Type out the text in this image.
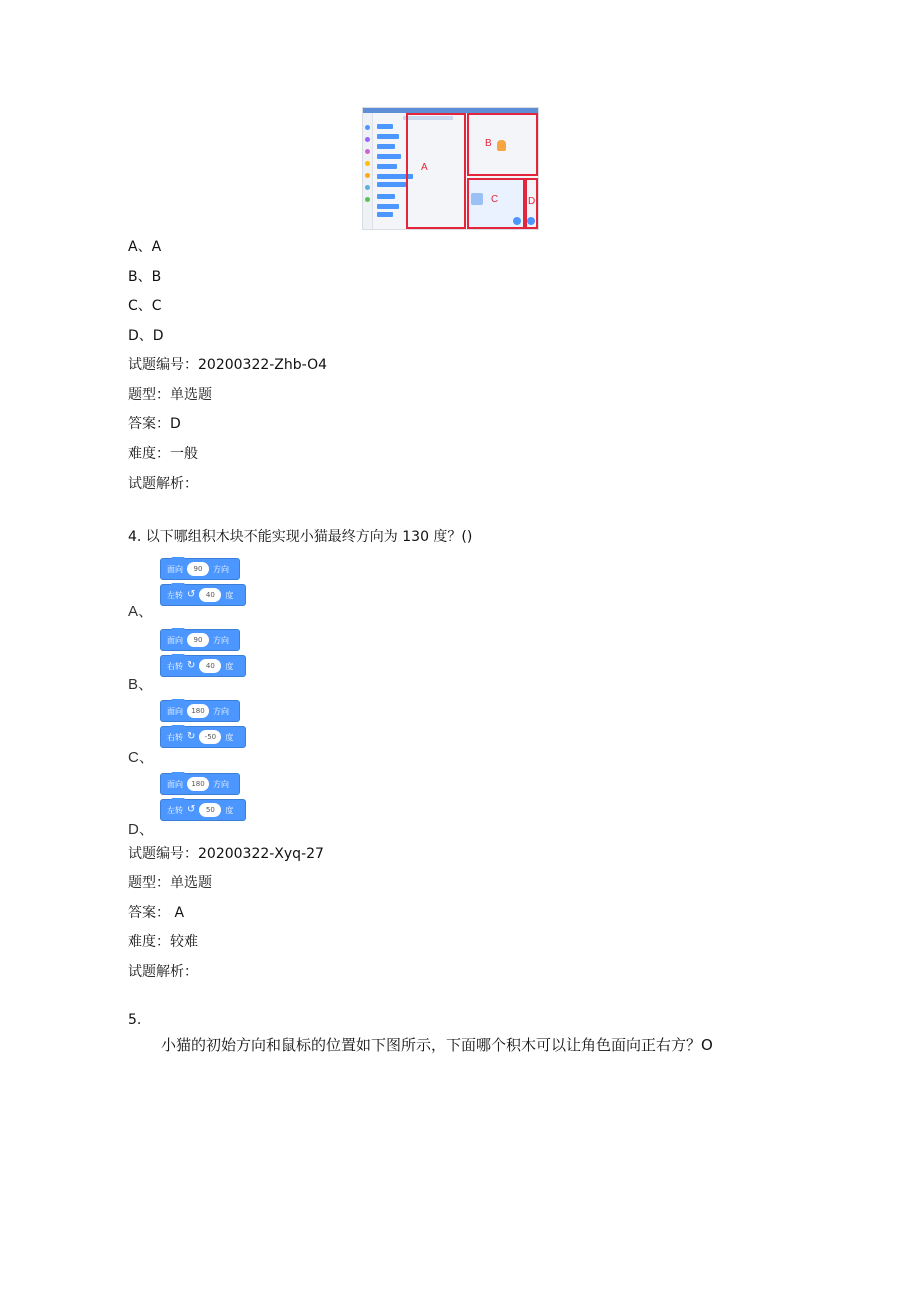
A
B
C	D
A、A
B、B
C、C
D、D
试题编号：20200322-Zhb-O4
题型：单选题
答案：D
难度：一般
试题解析：
4. 以下哪组积木块不能实现小猫最终方向为 130 度？()
A、
面向	90	方向
左转 ↺	40	度
B、
面向	90	方向
右转 ↻	40	度
C、
面向	180	方向
右转 ↻	-50	度
D、
面向	180	方向
左转 ↺	50	度
试题编号：20200322-Xyq-27
题型：单选题
答案： A
难度：较难
试题解析：
5.
小猫的初始方向和鼠标的位置如下图所示，下面哪个积木可以让角色面向正右方？O
